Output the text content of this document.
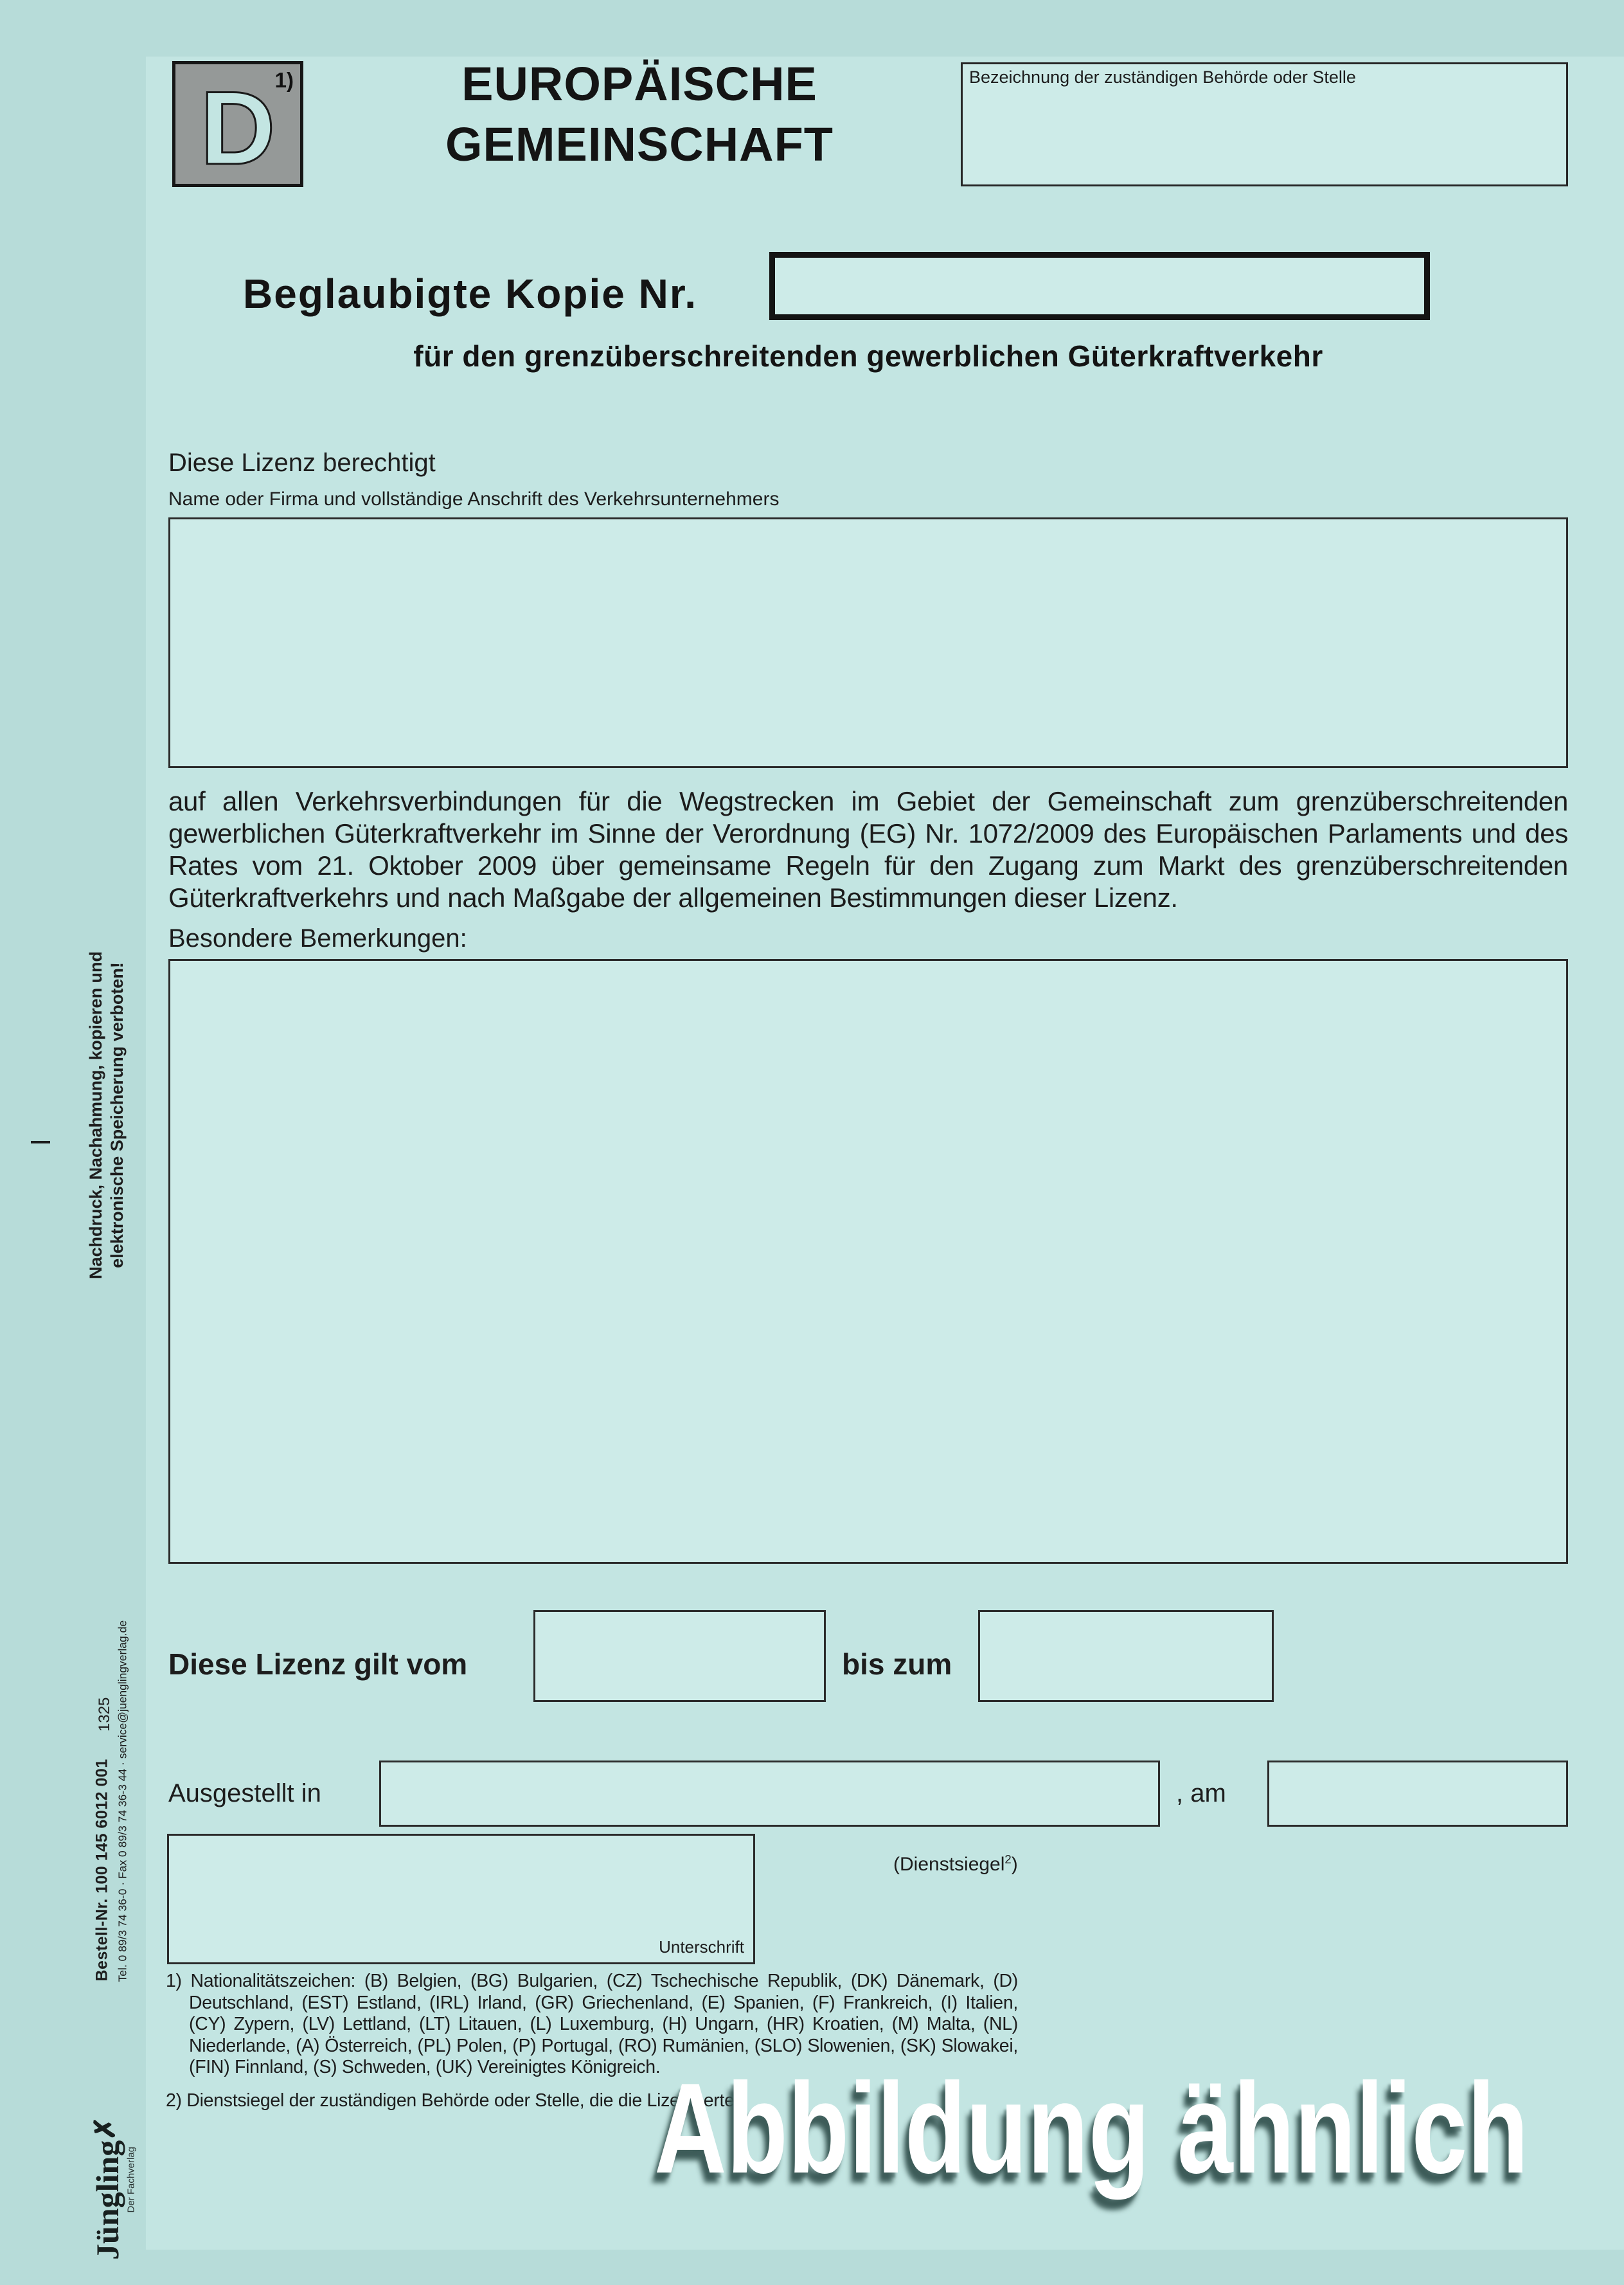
D 1)	EUROPÄISCHE
GEMEINSCHAFT
Bezeichnung der zuständigen Behörde oder Stelle
Beglaubigte Kopie Nr.
für den grenzüberschreitenden gewerblichen Güterkraftverkehr
Diese Lizenz berechtigt
Name oder Firma und vollständige Anschrift des Verkehrsunternehmers
auf allen Verkehrsverbindungen für die Wegstrecken im Gebiet der Gemeinschaft zum grenzüberschreitenden gewerblichen Güterkraftverkehr im Sinne der Verordnung (EG) Nr. 1072/2009 des Europäischen Parlaments und des Rates vom 21. Oktober 2009 über gemeinsame Regeln für den Zugang zum Markt des grenzüberschreitenden Güterkraftverkehrs und nach Maßgabe der allgemeinen Bestimmungen dieser Lizenz.
Besondere Bemerkungen:
Diese Lizenz gilt vom	bis zum
Ausgestellt in	, am
(Dienstsiegel$^2$)
Unterschrift
1) Nationalitätszeichen: (B) Belgien, (BG) Bulgarien, (CZ) Tschechische Republik, (DK) Dänemark, (D) Deutschland, (EST) Estland, (IRL) Irland, (GR) Griechenland, (E) Spanien, (F) Frankreich, (I) Italien, (CY) Zypern, (LV) Lettland, (LT) Litauen, (L) Luxemburg, (H) Ungarn, (HR) Kroatien, (M) Malta, (NL) Niederlande, (A) Österreich, (PL) Polen, (P) Portugal, (RO) Rumänien, (SLO) Slowenien, (SK) Slowakei, (FIN) Finnland, (S) Schweden, (UK) Vereinigtes Königreich.
2) Dienstsiegel der zuständigen Behörde oder Stelle, die die Lizenz erteilt
Nachdruck, Nachahmung, kopieren und elektronische Speicherung verboten!
1325
Bestell-Nr. 100 145 6012 001 Tel. 0 89/3 74 36-0 · Fax 0 89/3 74 36-3 44 · service@juenglingverlag.de
Jüngling✗
Der Fachverlag	Abbildung ähnlich
